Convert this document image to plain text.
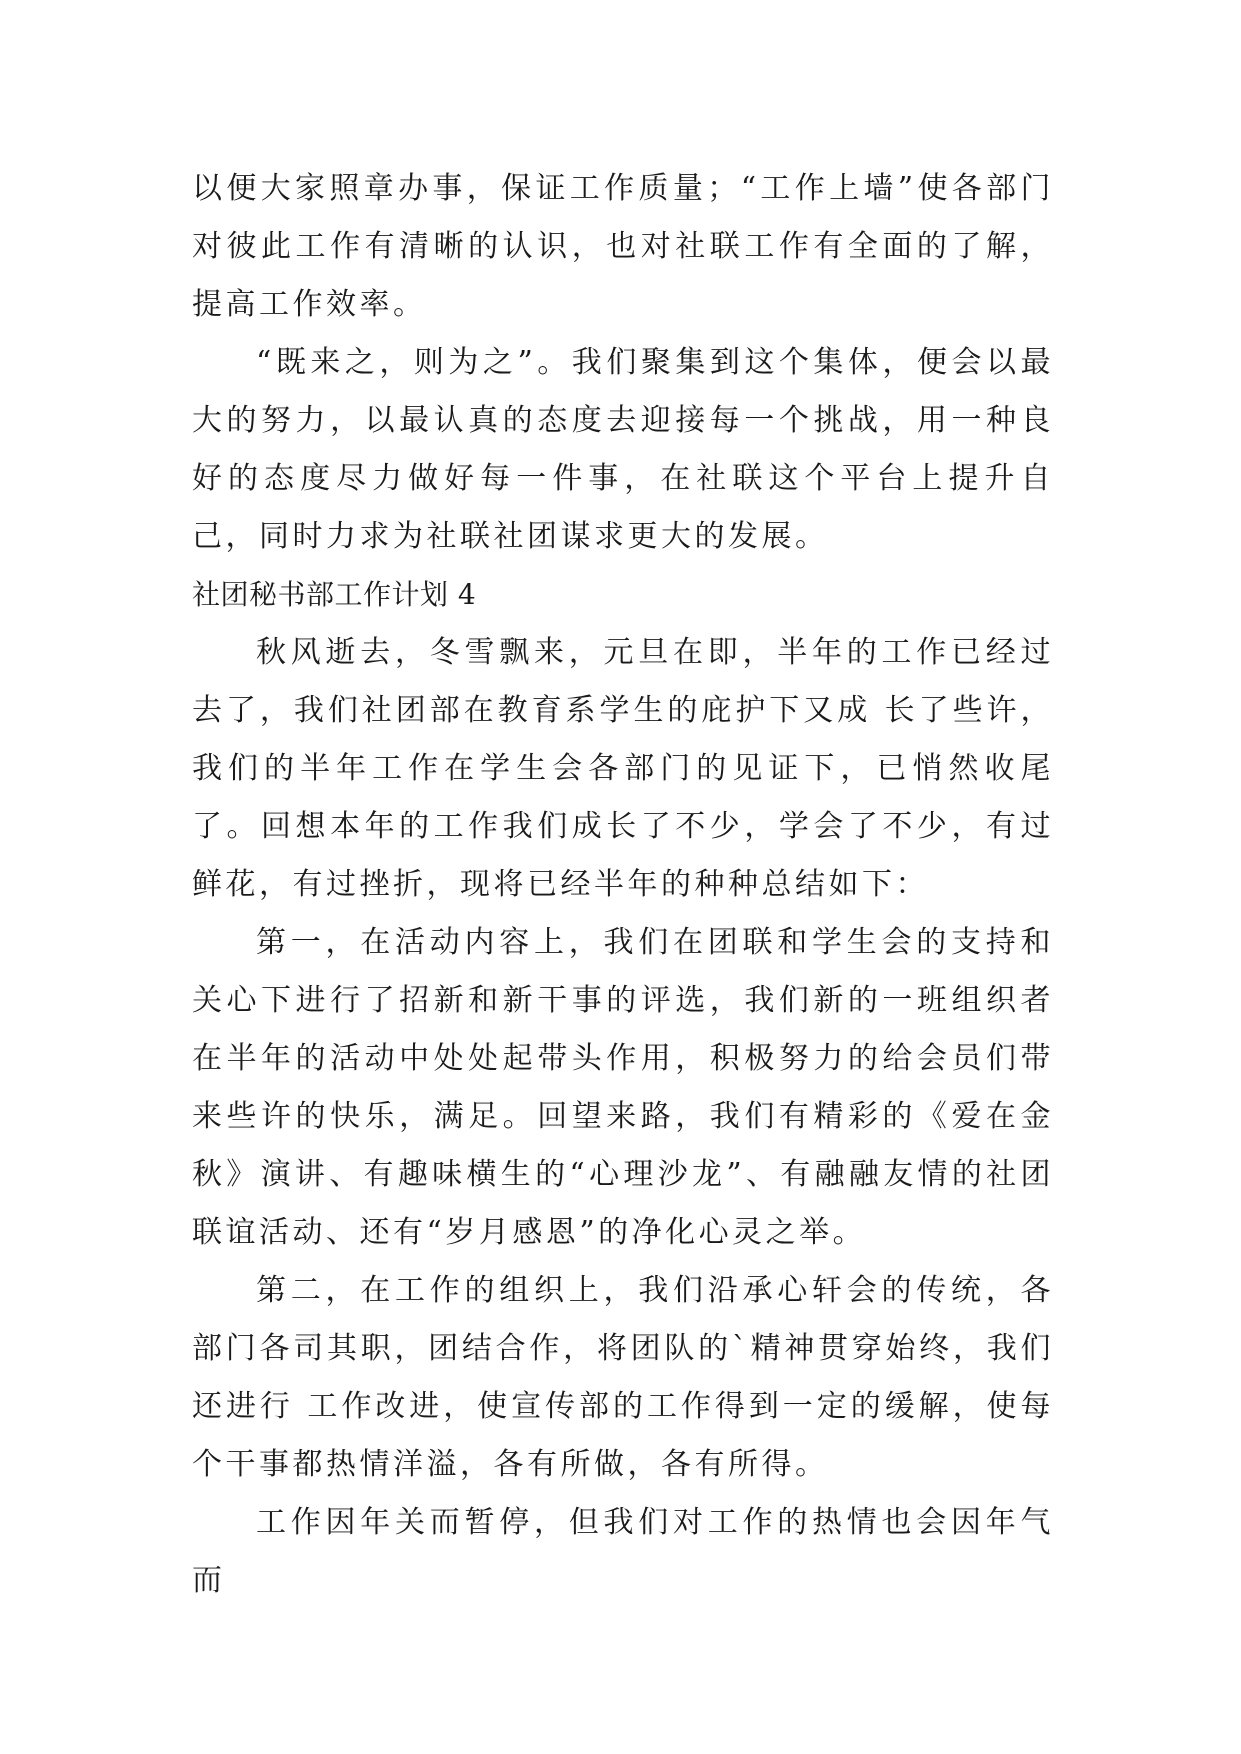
以便大家照章办事，保证工作质量；“工作上墙”使各部门对彼此工作有清晰的认识，也对社联工作有全面的了解，提高工作效率。

“既来之，则为之”。我们聚集到这个集体，便会以最大的努力，以最认真的态度去迎接每一个挑战，用一种良好的态度尽力做好每一件事，在社联这个平台上提升自己，同时力求为社联社团谋求更大的发展。

社团秘书部工作计划 4

秋风逝去，冬雪飘来，元旦在即，半年的工作已经过去了，我们社团部在教育系学生的庇护下又成 长了些许，我们的半年工作在学生会各部门的见证下，已悄然收尾了。回想本年的工作我们成长了不少，学会了不少，有过鲜花，有过挫折，现将已经半年的种种总结如下：

第一，在活动内容上，我们在团联和学生会的支持和关心下进行了招新和新干事的评选，我们新的一班组织者在半年的活动中处处起带头作用，积极努力的给会员们带来些许的快乐，满足。回望来路，我们有精彩的《爱在金秋》演讲、有趣味横生的“心理沙龙”、有融融友情的社团联谊活动、还有“岁月感恩”的净化心灵之举。

第二，在工作的组织上，我们沿承心轩会的传统，各部门各司其职，团结合作，将团队的`精神贯穿始终，我们还进行 工作改进，使宣传部的工作得到一定的缓解，使每个干事都热情洋溢，各有所做，各有所得。

工作因年关而暂停，但我们对工作的热情也会因年气而
